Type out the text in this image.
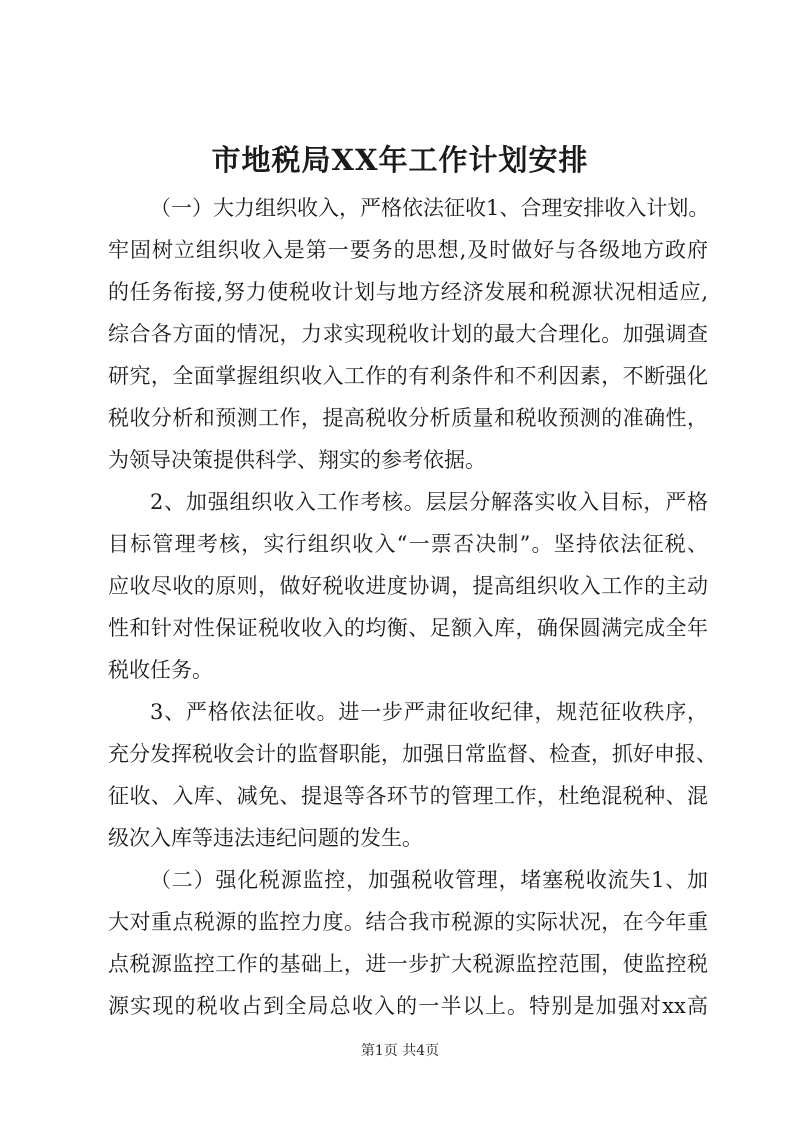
市地税局XX年工作计划安排
（一）大力组织收入，严格依法征收1、合理安排收入计划。
牢固树立组织收入是第一要务的思想,及时做好与各级地方政府
的任务衔接,努力使税收计划与地方经济发展和税源状况相适应,
综合各方面的情况，力求实现税收计划的最大合理化。加强调查
研究，全面掌握组织收入工作的有利条件和不利因素，不断强化
税收分析和预测工作，提高税收分析质量和税收预测的准确性，
为领导决策提供科学、翔实的参考依据。
2、加强组织收入工作考核。层层分解落实收入目标，严格
目标管理考核，实行组织收入“一票否决制”。坚持依法征税、
应收尽收的原则，做好税收进度协调，提高组织收入工作的主动
性和针对性保证税收收入的均衡、足额入库，确保圆满完成全年
税收任务。
3、严格依法征收。进一步严肃征收纪律，规范征收秩序，
充分发挥税收会计的监督职能，加强日常监督、检查，抓好申报、
征收、入库、减免、提退等各环节的管理工作，杜绝混税种、混
级次入库等违法违纪问题的发生。
（二）强化税源监控，加强税收管理，堵塞税收流失1、加
大对重点税源的监控力度。结合我市税源的实际状况，在今年重
点税源监控工作的基础上，进一步扩大税源监控范围，使监控税
第1页 共4页
源实现的税收占到全局总收入的一半以上。特别是加强对xx高
